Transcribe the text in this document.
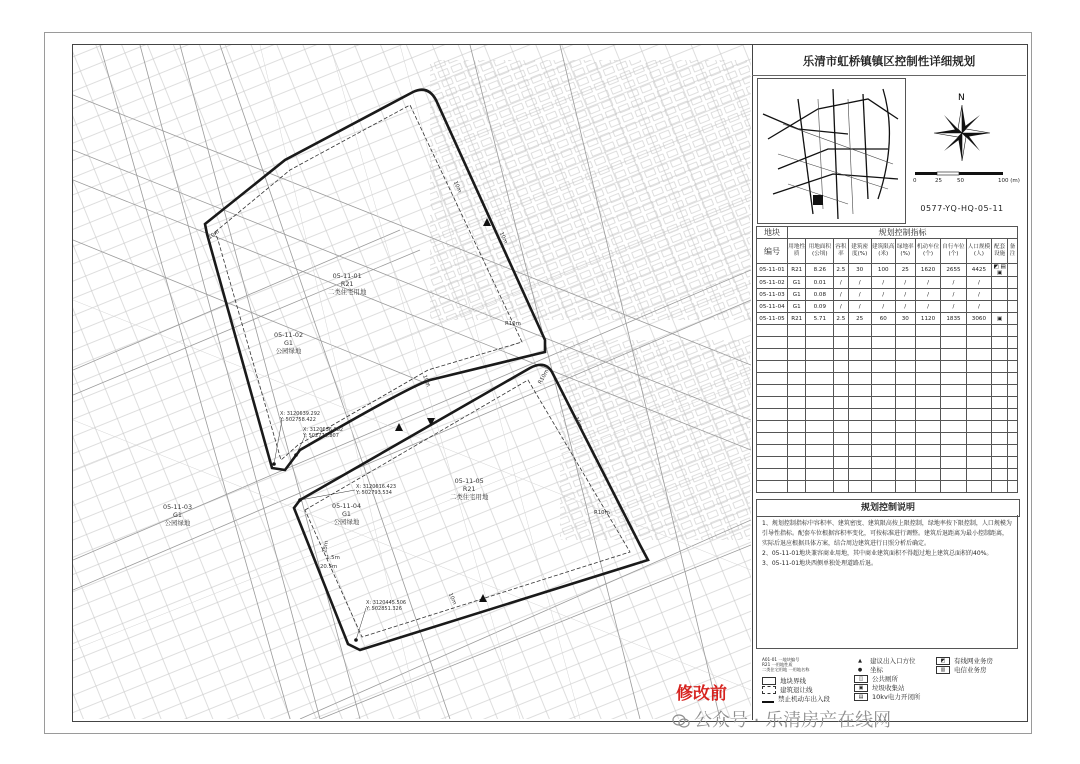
05-11-01
R21
二类住宅用地
05-11-02
G1
公园绿地
05-11-03
G1
公园绿地
05-11-04
G1
公园绿地
05-11-05
R21
二类住宅用地
X: 3120639.292
Y: 502758.422
X: 3120636.082
Y: 502776.807
X: 3120616.423
Y: 502793.534
X: 3120445.506
Y: 502851.326
10m
10m
R10m
R10m
R10m
10m
10m
15m
1.5m
20.5m
10m
10m
乐清市虹桥镇镇区控制性详细规划
N
0	25	50	100 (m)
0577-YQ-HQ-05-11
地块	规划控制指标										
编号	用地性质	用地面积(公顷)	容积率	建筑密度(%)	建筑限高(米)	绿地率(%)	机动车位(个)	自行车位(个)	人口规模(人)	配套设施	备注
05-11-01	R21	8.26	2.5	30	100	25	1620	2655	4425	◩ ▤ ▣	
05-11-02	G1	0.01	/	/	/	/	/	/	/		
05-11-03	G1	0.08	/	/	/	/	/	/	/		
05-11-04	G1	0.09	/	/	/	/	/	/	/		
05-11-05	R21	5.71	2.5	25	60	30	1120	1835	3060	▣	

规划控制说明
1、规划控制指标中容积率、建筑密度、建筑限高按上限控制，绿地率按下限控制，人口规模为引导性指标。配套车位根据容积率变化，可按标准进行调整。建筑后退距离为最小控制距离，实际后退应根据具体方案，结合周边建筑进行日照分析后确定。
2、05-11-01地块兼容商业用地，其中商业建筑面积不得超过地上建筑总面积的40%。
3、05-11-01地块西侧单独处理道路后退。
A01-01 一地块编号
R21 一用地性质
二类住宅用地 一用地名称
地块界线
建筑退让线
禁止机动车出入段
▲ 建议出入口方位
● 坐标
◫ 公共厕所
▣ 垃圾收集站
▤ 10kv电力开闭所
◩ 有线网业务房
▥ 电信业务房
修改前
公众号 · 乐清房产在线网
